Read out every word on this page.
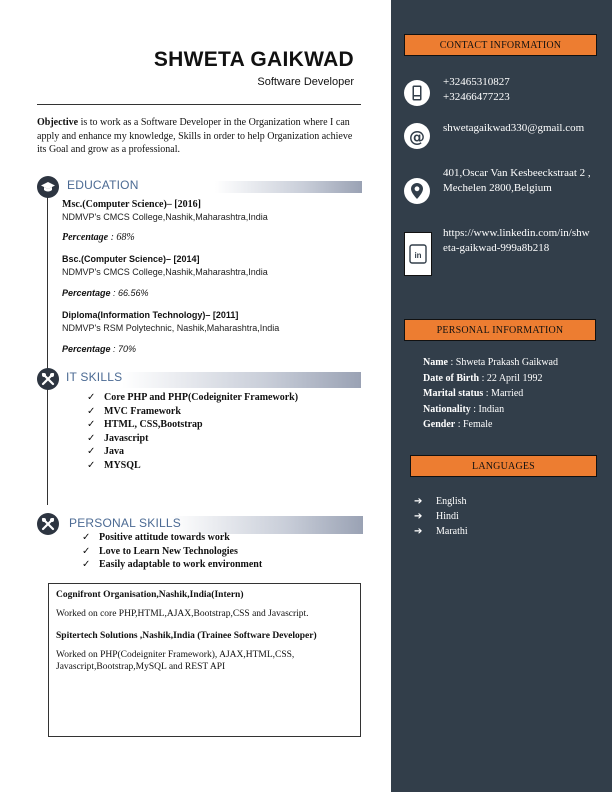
SHWETA GAIKWAD
Software Developer
Objective is to work as a Software Developer in the Organization where I can apply and enhance my knowledge, Skills in order to help Organization achieve its Goal and grow as a professional.
EDUCATION
Msc.(Computer Science)– [2016]
NDMVP's CMCS College,Nashik,Maharashtra,India
Percentage : 68%
Bsc.(Computer Science)– [2014]
NDMVP's CMCS College,Nashik,Maharashtra,India
Percentage : 66.56%
Diploma(Information Technology)– [2011]
NDMVP's RSM Polytechnic, Nashik,Maharashtra,India
Percentage : 70%
IT SKILLS
✓ Core PHP and PHP(Codeigniter Framework)
✓ MVC Framework
✓ HTML, CSS,Bootstrap
✓ Javascript
✓ Java
✓ MYSQL
PERSONAL SKILLS
✓ Positive attitude towards work
✓ Love to Learn New Technologies
✓ Easily adaptable to work environment
Cognifront Organisation,Nashik,India(Intern)
Worked on core PHP,HTML,AJAX,Bootstrap,CSS and Javascript.
Spitertech Solutions ,Nashik,India (Trainee Software Developer)
Worked on PHP(Codeigniter Framework), AJAX,HTML,CSS, Javascript,Bootstrap,MySQL and REST API
CONTACT INFORMATION
+32465310827
+32466477223
@	shwetagaikwad330@gmail.com
401,Oscar Van Kesbeeckstraat 2 ,Mechelen 2800,Belgium
in
https://www.linkedin.com/in/shweta-gaikwad-999a8b218
PERSONAL INFORMATION
Name : Shweta Prakash Gaikwad
Date of Birth : 22 April 1992
Marital status : Married
Nationality : Indian
Gender : Female
LANGUAGES
➔ English
➔ Hindi
➔ Marathi
